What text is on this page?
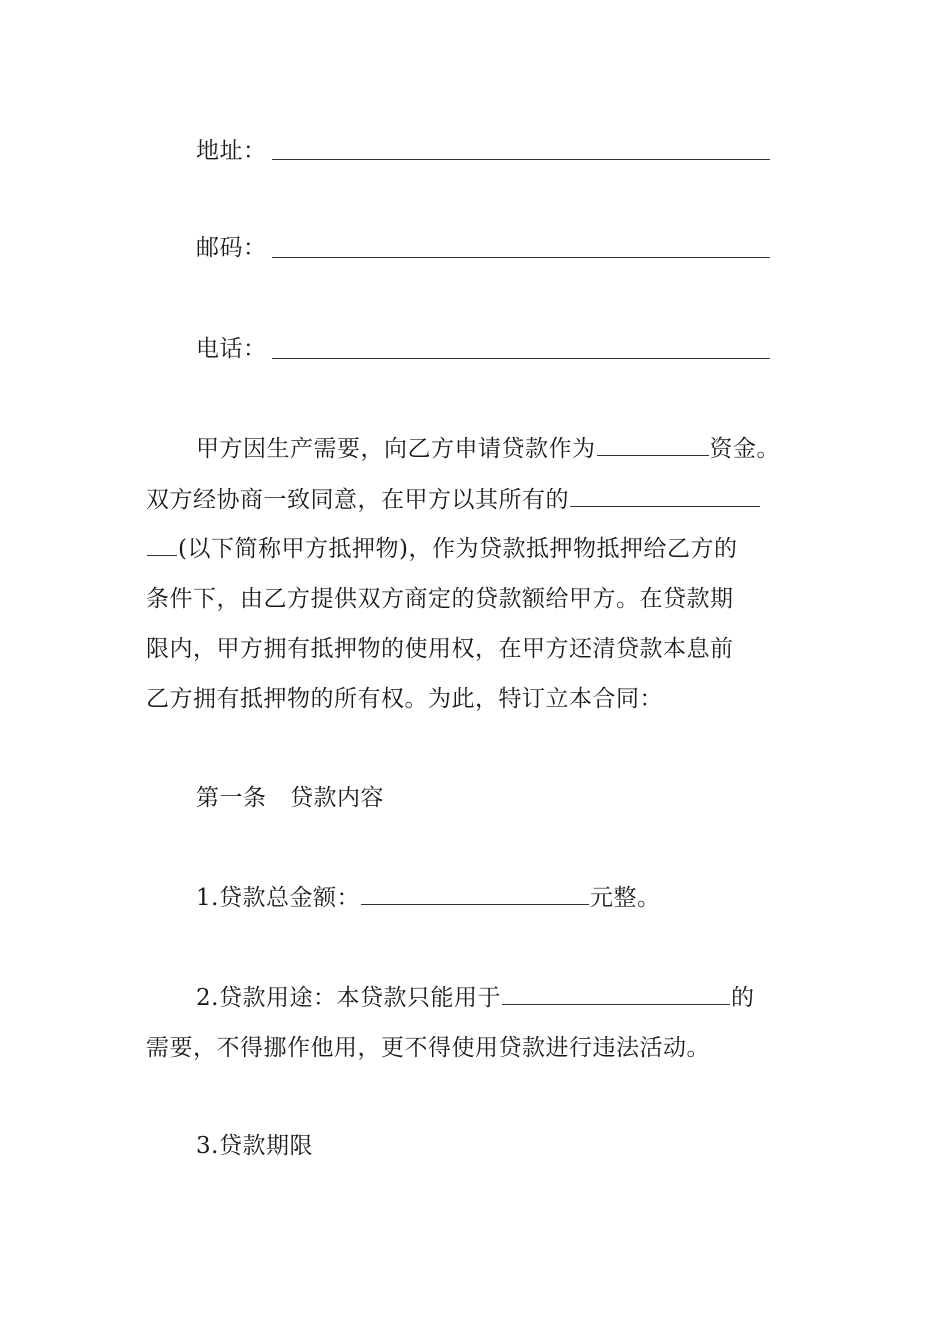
地址：
邮码：
电话：
甲方因生产需要，向乙方申请贷款作为	资金。
双方经协商一致同意，在甲方以其所有的
(以下简称甲方抵押物)，作为贷款抵押物抵押给乙方的
条件下，由乙方提供双方商定的贷款额给甲方。在贷款期
限内，甲方拥有抵押物的使用权，在甲方还清贷款本息前
乙方拥有抵押物的所有权。为此，特订立本合同：
第一条　贷款内容
1.贷款总金额：	元整。
2.贷款用途：本贷款只能用于	的
需要，不得挪作他用，更不得使用贷款进行违法活动。
3.贷款期限
